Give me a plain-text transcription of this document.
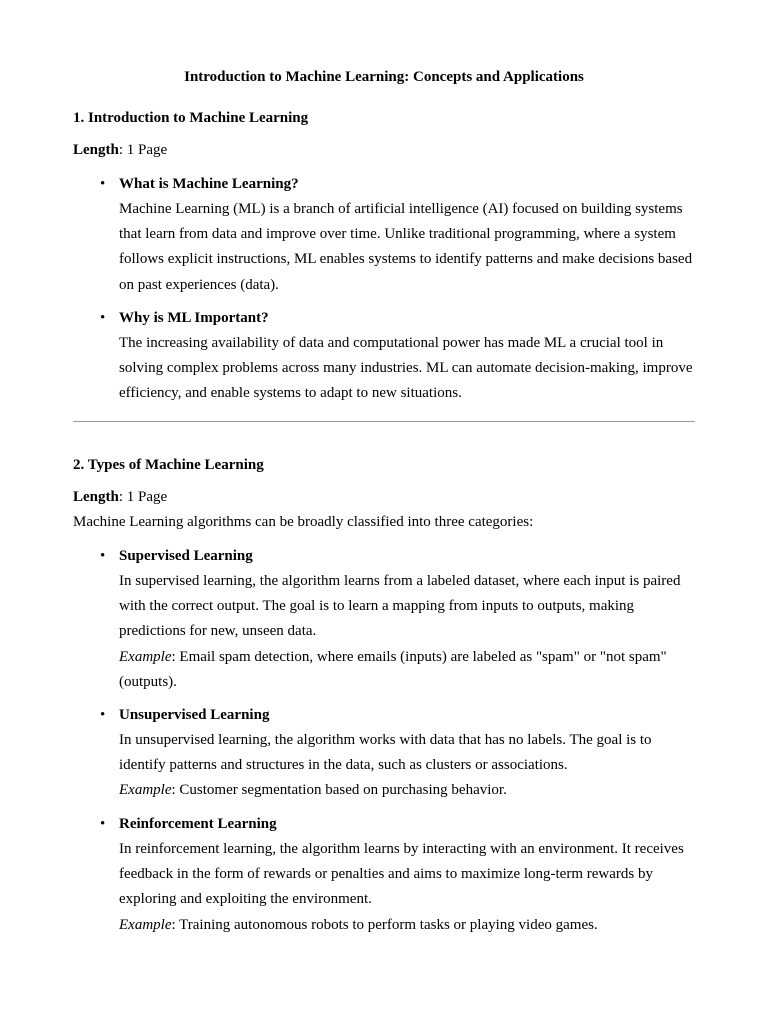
Introduction to Machine Learning: Concepts and Applications
1. Introduction to Machine Learning
Length: 1 Page
• What is Machine Learning?

Machine Learning (ML) is a branch of artificial intelligence (AI) focused on building systems that learn from data and improve over time. Unlike traditional programming, where a system follows explicit instructions, ML enables systems to identify patterns and make decisions based on past experiences (data).

• Why is ML Important?

The increasing availability of data and computational power has made ML a crucial tool in solving complex problems across many industries. ML can automate decision-making, improve efficiency, and enable systems to adapt to new situations.

2. Types of Machine Learning
Length: 1 Page
Machine Learning algorithms can be broadly classified into three categories:
• Supervised Learning

In supervised learning, the algorithm learns from a labeled dataset, where each input is paired with the correct output. The goal is to learn a mapping from inputs to outputs, making predictions for new, unseen data.
Example: Email spam detection, where emails (inputs) are labeled as "spam" or "not spam" (outputs).

• Unsupervised Learning

In unsupervised learning, the algorithm works with data that has no labels. The goal is to identify patterns and structures in the data, such as clusters or associations.
Example: Customer segmentation based on purchasing behavior.

• Reinforcement Learning

In reinforcement learning, the algorithm learns by interacting with an environment. It receives feedback in the form of rewards or penalties and aims to maximize long-term rewards by exploring and exploiting the environment.
Example: Training autonomous robots to perform tasks or playing video games.
